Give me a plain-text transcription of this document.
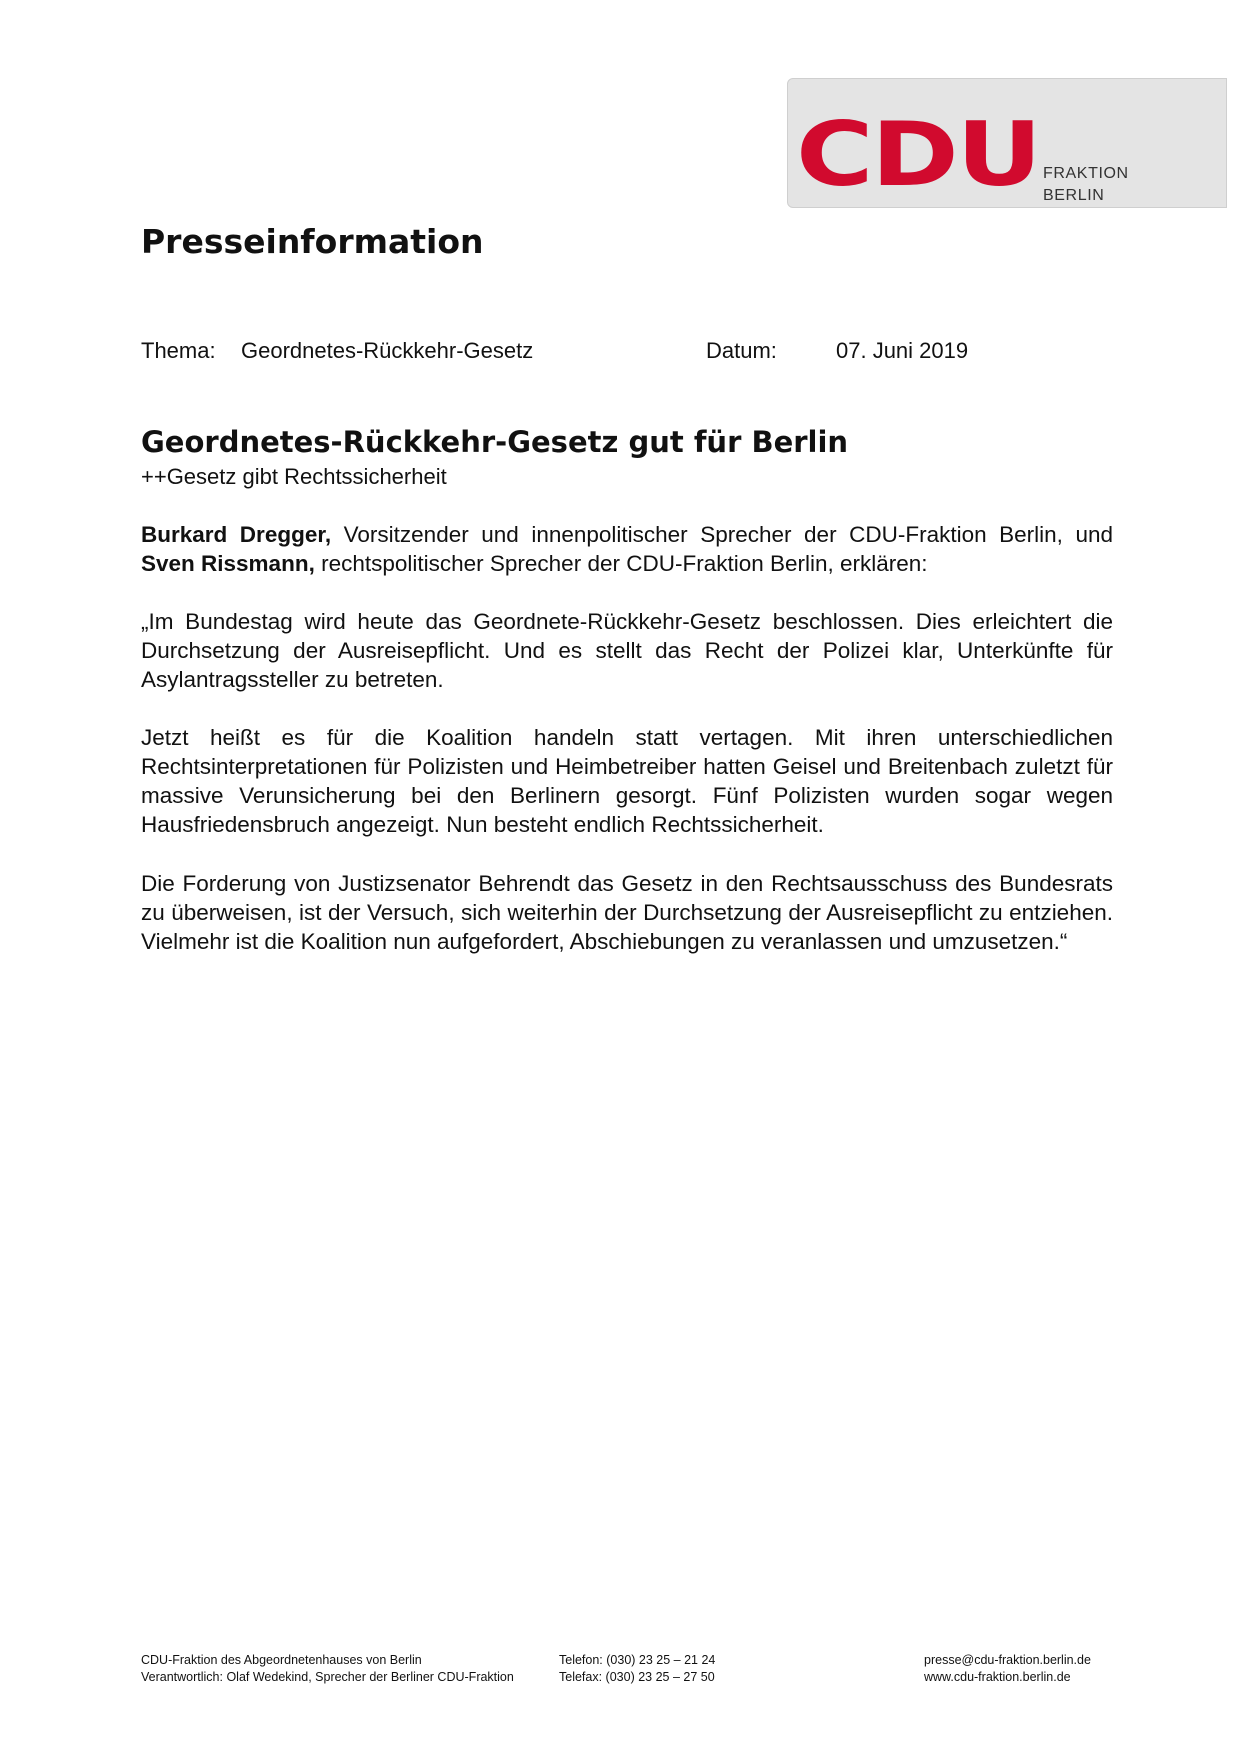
CDU FRAKTION
BERLIN
Presseinformation
Thema: Geordnetes-Rückkehr-Gesetz	Datum:	07. Juni 2019
Geordnetes-Rückkehr-Gesetz gut für Berlin
++Gesetz gibt Rechtssicherheit

Burkard Dregger, Vorsitzender und innenpolitischer Sprecher der CDU-Fraktion Berlin, und Sven Rissmann, rechtspolitischer Sprecher der CDU-Fraktion Berlin, erklären:

„Im Bundestag wird heute das Geordnete-Rückkehr-Gesetz beschlossen. Dies erleichtert die Durchsetzung der Ausreisepflicht. Und es stellt das Recht der Polizei klar, Unterkünfte für Asylantragssteller zu betreten.

Jetzt heißt es für die Koalition handeln statt vertagen. Mit ihren unterschiedlichen Rechtsinterpretationen für Polizisten und Heimbetreiber hatten Geisel und Breitenbach zuletzt für massive Verunsicherung bei den Berlinern gesorgt. Fünf Polizisten wurden sogar wegen Hausfriedensbruch angezeigt. Nun besteht endlich Rechtssicherheit.

Die Forderung von Justizsenator Behrendt das Gesetz in den Rechtsausschuss des Bundesrats zu überweisen, ist der Versuch, sich weiterhin der Durchsetzung der Ausreisepflicht zu entziehen. Vielmehr ist die Koalition nun aufgefordert, Abschiebungen zu veranlassen und umzusetzen.“

CDU-Fraktion des Abgeordnetenhauses von Berlin
Verantwortlich: Olaf Wedekind, Sprecher der Berliner CDU-Fraktion
Telefon: (030) 23 25 – 21 24
Telefax: (030) 23 25 – 27 50
presse@cdu-fraktion.berlin.de
www.cdu-fraktion.berlin.de
